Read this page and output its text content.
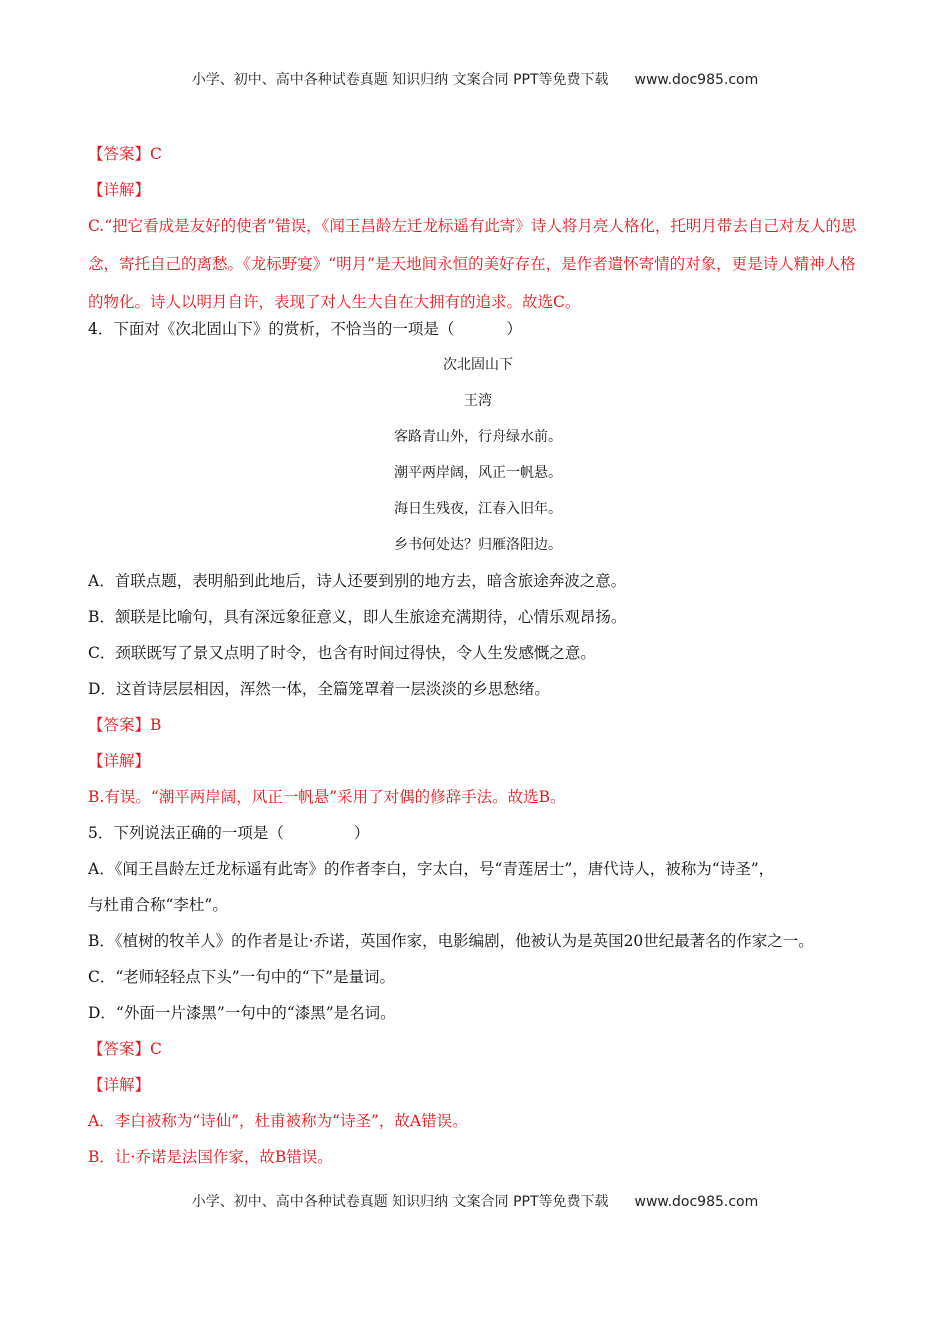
小学、初中、高中各种试卷真题 知识归纳 文案合同 PPT等免费下载 www.doc985.com
【答案】C
【详解】
C.“把它看成是友好的使者”错误，《闻王昌龄左迁龙标遥有此寄》诗人将月亮人格化，托明月带去自己对友人的思念，寄托自己的离愁。《龙标野宴》“明月”是天地间永恒的美好存在，是作者遣怀寄情的对象，更是诗人精神人格的物化。诗人以明月自许，表现了对人生大自在大拥有的追求。故选C。
4．下面对《次北固山下》的赏析，不恰当的一项是（	）
次北固山下
王湾
客路青山外，行舟绿水前。
潮平两岸阔，风正一帆悬。
海日生残夜，江春入旧年。
乡书何处达？归雁洛阳边。
A．首联点题，表明船到此地后，诗人还要到别的地方去，暗含旅途奔波之意。
B．颔联是比喻句，具有深远象征意义，即人生旅途充满期待，心情乐观昂扬。
C．颈联既写了景又点明了时令，也含有时间过得快，令人生发感慨之意。
D．这首诗层层相因，浑然一体，全篇笼罩着一层淡淡的乡思愁绪。
【答案】B
【详解】
B.有误。“潮平两岸阔，风正一帆悬”采用了对偶的修辞手法。故选B。
5．下列说法正确的一项是（	）
A．《闻王昌龄左迁龙标遥有此寄》的作者李白，字太白，号“青莲居士”，唐代诗人，被称为“诗圣”，
与杜甫合称“李杜”。
B．《植树的牧羊人》的作者是让·乔诺，英国作家，电影编剧，他被认为是英国20世纪最著名的作家之一。
C．“老师轻轻点下头”一句中的“下”是量词。
D．“外面一片漆黑”一句中的“漆黑”是名词。
【答案】C
【详解】
A．李白被称为“诗仙”，杜甫被称为“诗圣”，故A错误。
B．让·乔诺是法国作家，故B错误。
小学、初中、高中各种试卷真题 知识归纳 文案合同 PPT等免费下载 www.doc985.com
